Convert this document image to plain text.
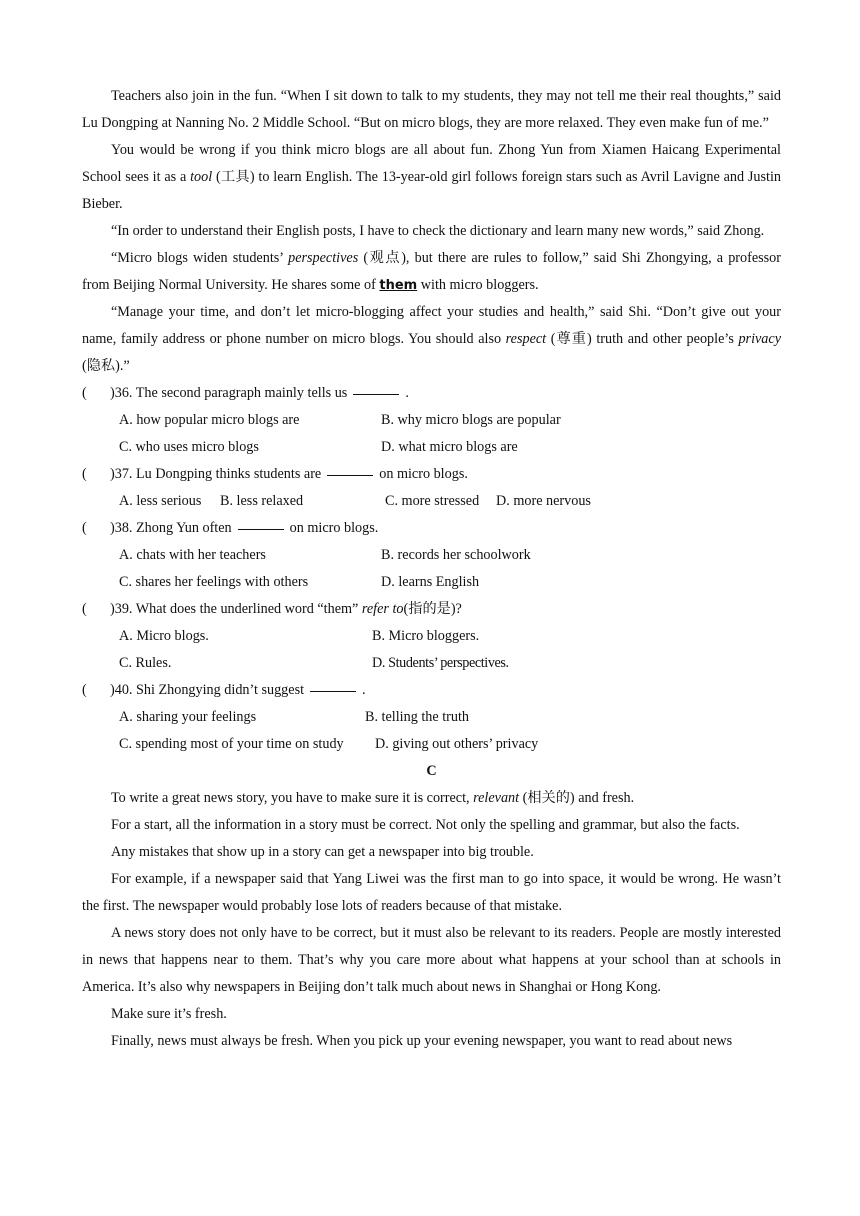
Teachers also join in the fun. “When I sit down to talk to my students, they may not tell me their real thoughts,” said Lu Dongping at Nanning No. 2 Middle School. “But on micro blogs, they are more relaxed. They even make fun of me.”

You would be wrong if you think micro blogs are all about fun. Zhong Yun from Xiamen Haicang Experimental School sees it as a tool (工具) to learn English. The 13-year-old girl follows foreign stars such as Avril Lavigne and Justin Bieber.

“In order to understand their English posts, I have to check the dictionary and learn many new words,” said Zhong.

“Micro blogs widen students’ perspectives (观点), but there are rules to follow,” said Shi Zhongying, a professor from Beijing Normal University. He shares some of them with micro bloggers.

“Manage your time, and don’t let micro-blogging affect your studies and health,” said Shi. “Don’t give out your name, family address or phone number on micro blogs. You should also respect (尊重) truth and other people’s privacy (隐私).”

(	)36. The second paragraph mainly tells us	.

A. how popular micro blogs are	B. why micro blogs are popular

C. who uses micro blogs	D. what micro blogs are

(	)37. Lu Dongping thinks students are	on micro blogs.

A. less serious	B. less relaxed	C. more stressed	D. more nervous

(	)38. Zhong Yun often	on micro blogs.

A. chats with her teachers	B. records her schoolwork

C. shares her feelings with others	D. learns English

(	)39. What does the underlined word “them”
refer to (指的是)?

A. Micro blogs.	B. Micro bloggers.

C. Rules.	D. Students’ perspectives.

(	)40. Shi Zhongying didn’t suggest	.

A. sharing your feelings	B. telling the truth

C. spending most of your time on study	D. giving out others’ privacy

C

To write a great news story, you have to make sure it is correct, relevant (相关的) and fresh.

For a start, all the information in a story must be correct. Not only the spelling and grammar, but also the facts.

Any mistakes that show up in a story can get a newspaper into big trouble.

For example, if a newspaper said that Yang Liwei was the first man to go into space, it would be wrong. He wasn’t the first. The newspaper would probably lose lots of readers because of that mistake.

A news story does not only have to be correct, but it must also be relevant to its readers. People are mostly interested in news that happens near to them. That’s why you care more about what happens at your school than at schools in America. It’s also why newspapers in Beijing don’t talk much about news in Shanghai or Hong Kong.

Make sure it’s fresh.

Finally, news must always be fresh. When you pick up your evening newspaper, you want to read about news
